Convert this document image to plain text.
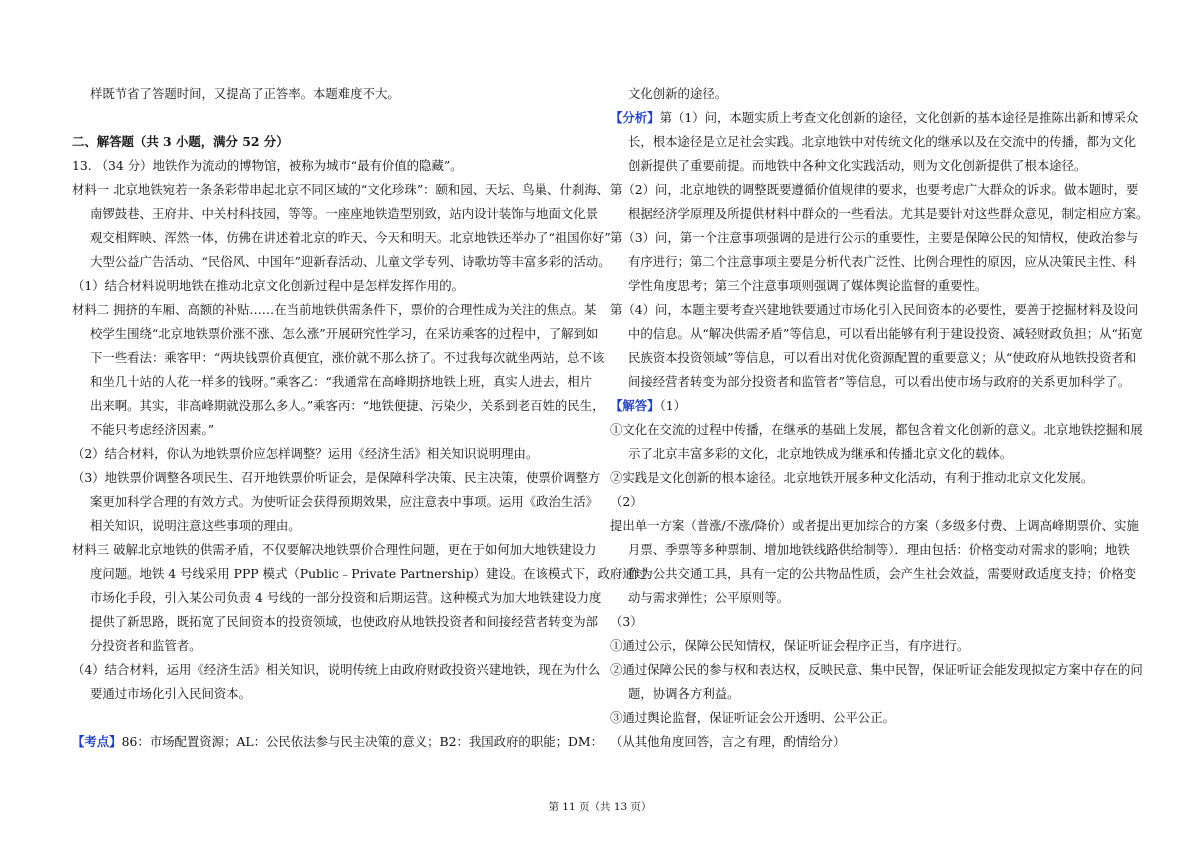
样既节省了答题时间，又提高了正答率。本题难度不大。
二、解答题（共 3 小题，满分 52 分）
13. （34 分）地铁作为流动的博物馆，被称为城市“最有价值的隐藏”。
材料一 北京地铁宛若一条条彩带串起北京不同区域的“文化珍珠”：颐和园、天坛、鸟巢、什刹海、
南锣鼓巷、王府井、中关村科技园，等等。一座座地铁造型别致，站内设计装饰与地面文化景
观交相辉映、浑然一体，仿佛在讲述着北京的昨天、今天和明天。北京地铁还举办了“祖国你好”
大型公益广告活动、“民俗风、中国年”迎新春活动、儿童文学专列、诗歌坊等丰富多彩的活动。
（1）结合材料说明地铁在推动北京文化创新过程中是怎样发挥作用的。
材料二 拥挤的车厢、高额的补贴……在当前地铁供需条件下，票价的合理性成为关注的焦点。某
校学生围绕“北京地铁票价涨不涨、怎么涨”开展研究性学习，在采访乘客的过程中，了解到如
下一些看法：乘客甲：“两块钱票价真便宜，涨价就不那么挤了。不过我每次就坐两站，总不该
和坐几十站的人花一样多的钱呀。”乘客乙：“我通常在高峰期挤地铁上班，真实人进去，相片
出来啊。其实，非高峰期就没那么多人。”乘客丙：“地铁便捷、污染少，关系到老百姓的民生，
不能只考虑经济因素。”
（2）结合材料，你认为地铁票价应怎样调整？运用《经济生活》相关知识说明理由。
（3）地铁票价调整各项民生、召开地铁票价听证会，是保障科学决策、民主决策，使票价调整方
案更加科学合理的有效方式。为使听证会获得预期效果，应注意表中事项。运用《政治生活》
相关知识，说明注意这些事项的理由。
材料三 破解北京地铁的供需矛盾，不仅要解决地铁票价合理性问题，更在于如何加大地铁建设力
度问题。地铁 4 号线采用 PPP 模式（Public﹣Private Partnership）建设。在该模式下，政府通过
市场化手段，引入某公司负责 4 号线的一部分投资和后期运营。这种模式为加大地铁建设力度
提供了新思路，既拓宽了民间资本的投资领域，也使政府从地铁投资者和间接经营者转变为部
分投资者和监管者。
（4）结合材料，运用《经济生活》相关知识，说明传统上由政府财政投资兴建地铁，现在为什么
要通过市场化引入民间资本。
【考点】86：市场配置资源；AL：公民依法参与民主决策的意义；B2：我国政府的职能；DM：
文化创新的途径。
【分析】第（1）问，本题实质上考查文化创新的途径，文化创新的基本途径是推陈出新和博采众
长，根本途径是立足社会实践。北京地铁中对传统文化的继承以及在交流中的传播，都为文化
创新提供了重要前提。而地铁中各种文化实践活动，则为文化创新提供了根本途径。
第（2）问，北京地铁的调整既要遵循价值规律的要求，也要考虑广大群众的诉求。做本题时，要
根据经济学原理及所提供材料中群众的一些看法。尤其是要针对这些群众意见，制定相应方案。
第（3）问，第一个注意事项强调的是进行公示的重要性，主要是保障公民的知情权，使政治参与
有序进行；第二个注意事项主要是分析代表广泛性、比例合理性的原因，应从决策民主性、科
学性角度思考；第三个注意事项则强调了媒体舆论监督的重要性。
第（4）问，本题主要考查兴建地铁要通过市场化引入民间资本的必要性，要善于挖掘材料及设问
中的信息。从“解决供需矛盾”等信息，可以看出能够有利于建设投资、减轻财政负担；从“拓宽
民族资本投资领域”等信息，可以看出对优化资源配置的重要意义；从“使政府从地铁投资者和
间接经营者转变为部分投资者和监管者”等信息，可以看出使市场与政府的关系更加科学了。
【解答】（1）
①文化在交流的过程中传播，在继承的基础上发展，都包含着文化创新的意义。北京地铁挖掘和展
示了北京丰富多彩的文化，北京地铁成为继承和传播北京文化的载体。
②实践是文化创新的根本途径。北京地铁开展多种文化活动，有利于推动北京文化发展。
（2）
提出单一方案（普涨/不涨/降价）或者提出更加综合的方案（多级多付费、上调高峰期票价、实施
月票、季票等多种票制、增加地铁线路供给制等）．理由包括：价格变动对需求的影响；地铁
作为公共交通工具，具有一定的公共物品性质，会产生社会效益，需要财政适度支持；价格变
动与需求弹性；公平原则等。
（3）
①通过公示，保障公民知情权，保证听证会程序正当，有序进行。
②通过保障公民的参与权和表达权，反映民意、集中民智，保证听证会能发现拟定方案中存在的问
题，协调各方利益。
③通过舆论监督，保证听证会公开透明、公平公正。
（从其他角度回答，言之有理，酌情给分）
第 11 页（共 13 页）
